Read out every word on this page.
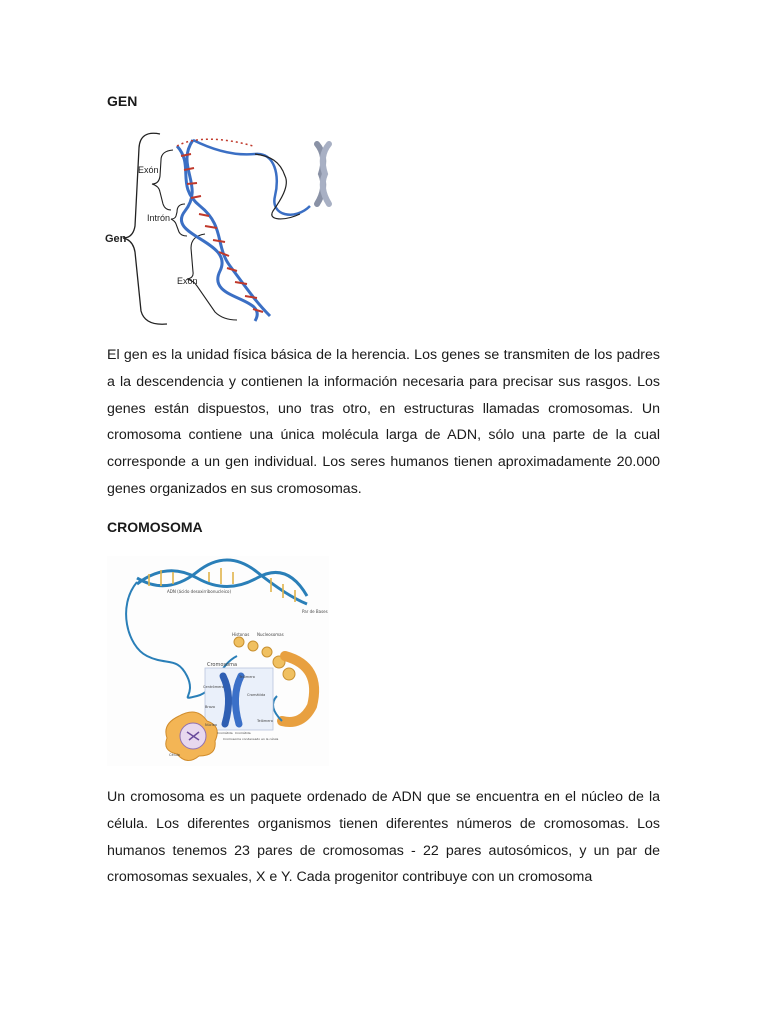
GEN
Gen
Exón
Intrón
Exón

El gen es la unidad física básica de la herencia. Los genes se transmiten de los padres a la descendencia y contienen la información necesaria para precisar sus rasgos. Los genes están dispuestos, uno tras otro, en estructuras llamadas cromosomas. Un cromosoma contiene una única molécula larga de ADN, sólo una parte de la cual corresponde a un gen individual. Los seres humanos tienen aproximadamente 20.000 genes organizados en sus cromosomas.

CROMOSOMA
ADN (ácido desoxirribonucleico)
Par de Bases
Histonas Nucleosomas
Cromosoma
Telómero
Centrómero
Cromátida
Brazo
Telómero
Cromátida Cromátida
Cromosoma condensado en la célula
Núcleo
Célula

Un cromosoma es un paquete ordenado de ADN que se encuentra en el núcleo de la célula. Los diferentes organismos tienen diferentes números de cromosomas. Los humanos tenemos 23 pares de cromosomas - 22 pares autosómicos, y un par de cromosomas sexuales, X e Y. Cada progenitor contribuye con un cromosoma
